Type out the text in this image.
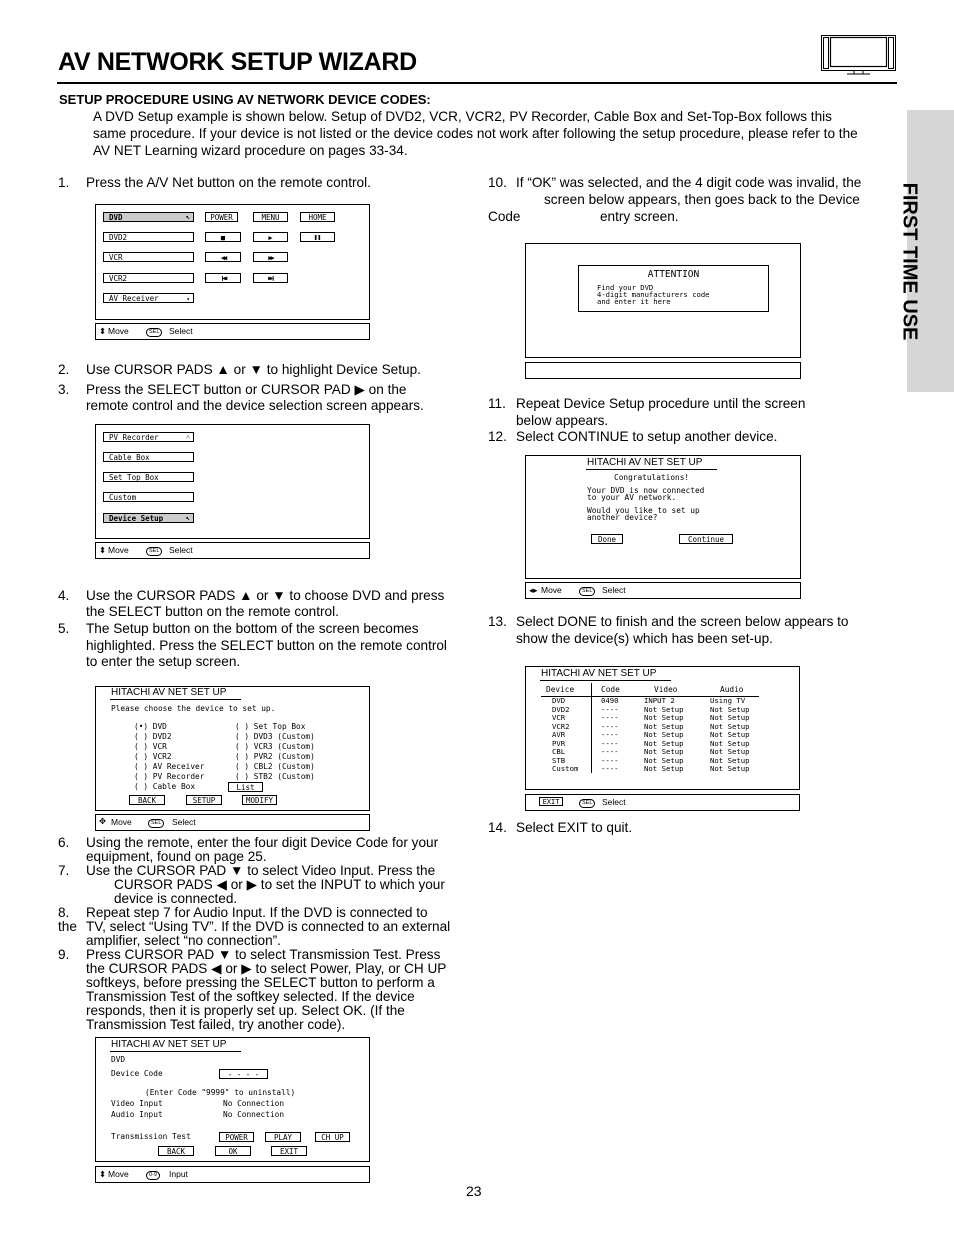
AV NETWORK SETUP WIZARD
FIRST TIME USE
SETUP PROCEDURE USING AV NETWORK DEVICE CODES:
A DVD Setup example is shown below. Setup of DVD2, VCR, VCR2, PV Recorder, Cable Box and Set-Top-Box follows this
same procedure. If your device is not listed or the device codes not work after following the setup procedure, please refer to the
AV NET Learning wizard procedure on pages 33-34.
1. Press the A/V Net button on the remote control.
DVD	↖
DVD2
VCR
VCR2
AV Receiver	▾
POWER	MENU	HOME
■	▶	❚❚
◀◀	▶▶
❙◀◀	▶▶❙
⬍ Move	SEL	Select
2. Use CURSOR PADS ▲ or ▼ to highlight Device Setup.
3. Press the SELECT button or CURSOR PAD ▶ on the
remote control and the device selection screen appears.
PV Recorder	˄
Cable Box
Set Top Box
Custom
Device Setup	↖
⬍ Move	SEL	Select
4. Use the CURSOR PADS ▲ or ▼ to choose DVD and press
the SELECT button on the remote control.
5. The Setup button on the bottom of the screen becomes
highlighted. Press the SELECT button on the remote control
to enter the setup screen.
HITACHI AV NET SET UP
Please choose the device to set up.
(•) DVD
( ) DVD2
( ) VCR
( ) VCR2
( ) AV Receiver
( ) PV Recorder
( ) Cable Box
( ) Set Top Box
( ) DVD3 (Custom)
( ) VCR3 (Custom)
( ) PVR2 (Custom)
( ) CBL2 (Custom)
( ) STB2 (Custom)
List
BACK	SETUP	MODIFY
✥ Move	SEL	Select
6. Using the remote, enter the four digit Device Code for your
equipment, found on page 25.
7. Use the CURSOR PAD ▼ to select Video Input. Press the
CURSOR PADS ◀ or ▶ to set the INPUT to which your
device is connected.
8. Repeat step 7 for Audio Input. If the DVD is connected to
the TV, select “Using TV”. If the DVD is connected to an external
amplifier, select “no connection”.
9. Press CURSOR PAD ▼ to select Transmission Test. Press
the CURSOR PADS ◀ or ▶ to select Power, Play, or CH UP
softkeys, before pressing the SELECT button to perform a
Transmission Test of the softkey selected. If the device
responds, then it is properly set up. Select OK. (If the
Transmission Test failed, try another code).
HITACHI AV NET SET UP
DVD
Device Code	- - - -
(Enter Code "9999" to uninstall)
Video Input	No Connection
Audio Input	No Connection
Transmission Test	POWER	PLAY	CH UP
BACK	OK	EXIT
⬍ Move	0-9	Input
10. If “OK” was selected, and the 4 digit code was invalid, the
screen below appears, then goes back to the Device
Code	entry screen.
ATTENTION
Find your DVD
4-digit manufacturers code
and enter it here
11. Repeat Device Setup procedure until the screen
below appears.
12. Select CONTINUE to setup another device.
HITACHI AV NET SET UP
Congratulations!
Your DVD is now connected
to your AV network.
Would you like to set up
another device?
Done	Continue
◂▸ Move	SEL	Select
13. Select DONE to finish and the screen below appears to
show the device(s) which has been set-up.
HITACHI AV NET SET UP
Device	Code	Video	Audio
DVD	0490	INPUT 2	Using TV
DVD2	----	Not Setup	Not Setup
VCR	----	Not Setup	Not Setup
VCR2	----	Not Setup	Not Setup
AVR	----	Not Setup	Not Setup
PVR	----	Not Setup	Not Setup
CBL	----	Not Setup	Not Setup
STB	----	Not Setup	Not Setup
Custom	----	Not Setup	Not Setup
EXIT	SEL	Select
14. Select EXIT to quit.
23
